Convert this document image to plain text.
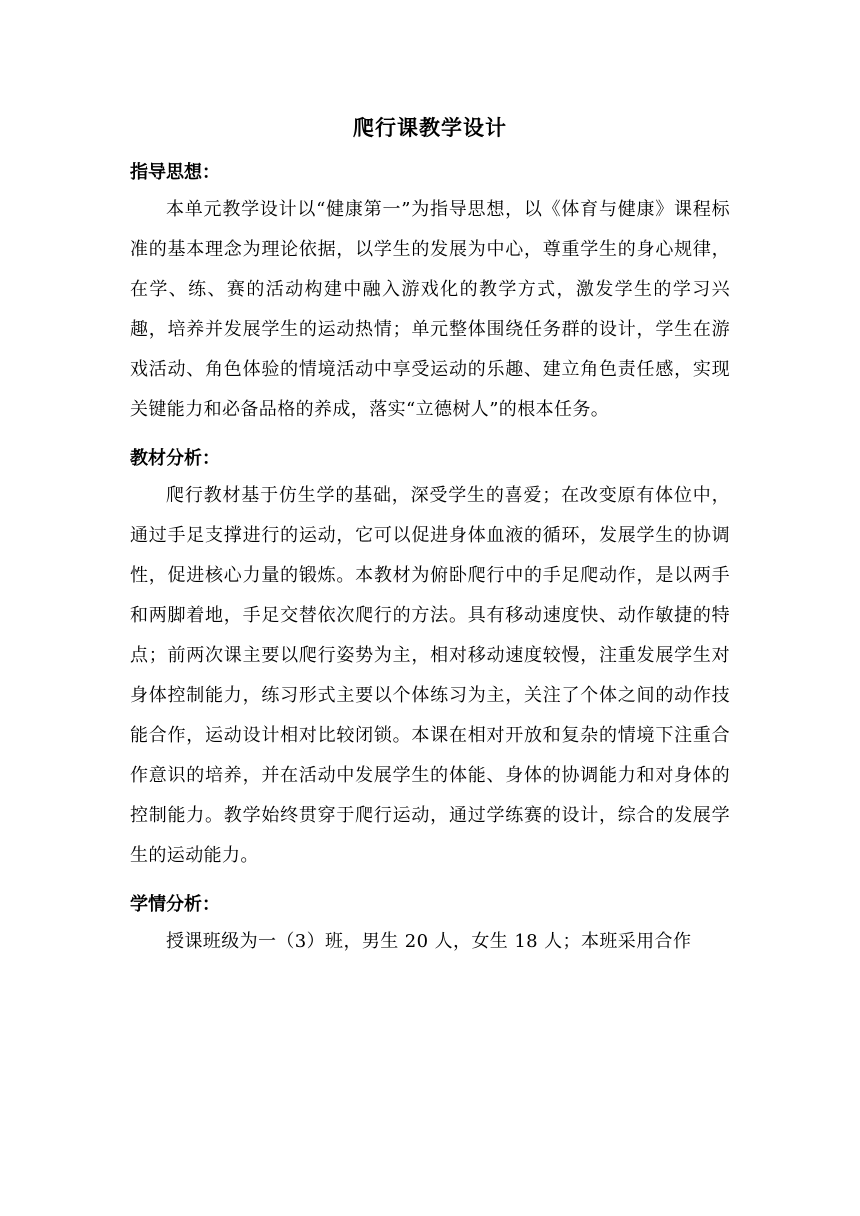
爬行课教学设计
指导思想：

本单元教学设计以“健康第一”为指导思想，以《体育与健康》课程标准的基本理念为理论依据，以学生的发展为中心，尊重学生的身心规律，在学、练、赛的活动构建中融入游戏化的教学方式，激发学生的学习兴趣，培养并发展学生的运动热情；单元整体围绕任务群的设计，学生在游戏活动、角色体验的情境活动中享受运动的乐趣、建立角色责任感，实现关键能力和必备品格的养成，落实“立德树人”的根本任务。

教材分析：

爬行教材基于仿生学的基础，深受学生的喜爱；在改变原有体位中，通过手足支撑进行的运动，它可以促进身体血液的循环，发展学生的协调性，促进核心力量的锻炼。本教材为俯卧爬行中的手足爬动作，是以两手和两脚着地，手足交替依次爬行的方法。具有移动速度快、动作敏捷的特点；前两次课主要以爬行姿势为主，相对移动速度较慢，注重发展学生对身体控制能力，练习形式主要以个体练习为主，关注了个体之间的动作技能合作，运动设计相对比较闭锁。本课在相对开放和复杂的情境下注重合作意识的培养，并在活动中发展学生的体能、身体的协调能力和对身体的控制能力。教学始终贯穿于爬行运动，通过学练赛的设计，综合的发展学生的运动能力。

学情分析：

授课班级为一（3）班，男生 20 人，女生 18 人；本班采用合作
